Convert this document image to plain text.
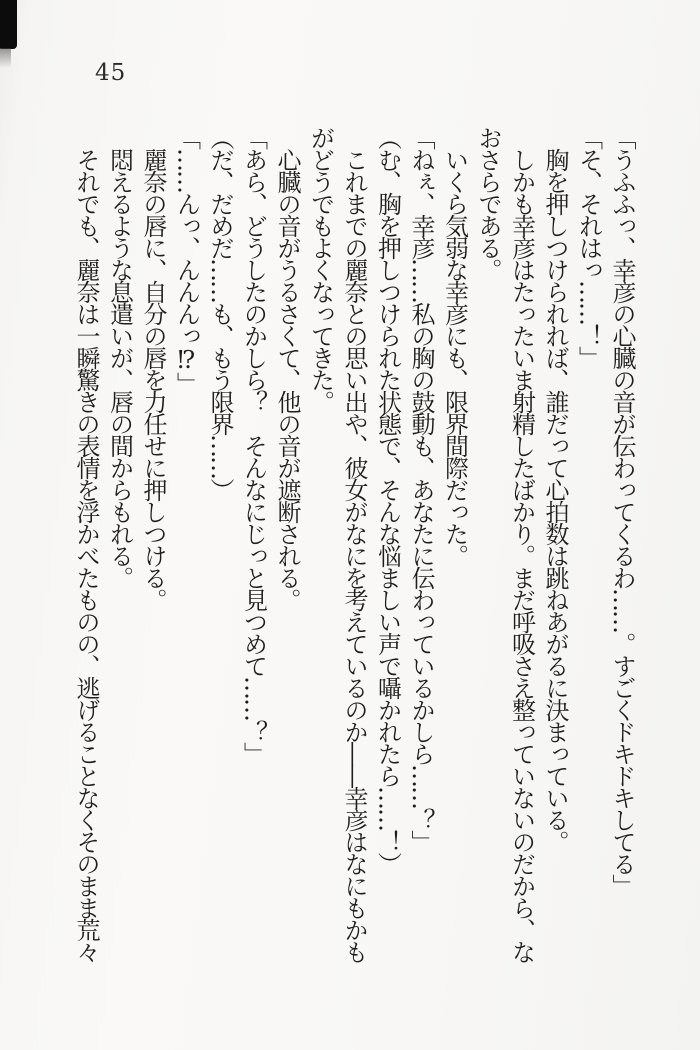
45

「うふふっ、幸彦の心臓の音が伝わってくるわ……。すごくドキドキしてる」

「そ、それはっ……！」

胸を押しつけられれば、誰だって心拍数は跳ねあがるに決まっている。

しかも幸彦はたったいま射精したばかり。まだ呼吸さえ整っていないのだから、な

おさらである。

いくら気弱な幸彦にも、限界間際だった。

「ねぇ、幸彦……私の胸の鼓動も、あなたに伝わっているかしら……？」

（む、胸を押しつけられた状態で、そんな悩ましい声で囁かれたら……！）

これまでの麗奈との思い出や、彼女がなにを考えているのか――幸彦はなにもかも

がどうでもよくなってきた。

心臓の音がうるさくて、他の音が遮断される。

「あら、どうしたのかしら？　そんなにじっと見つめて……？」

（だ、だめだ……も、もう限界……）

「……んっ、んんんっ⁉」

麗奈の唇に、自分の唇を力任せに押しつける。

悶えるような息遣いが、唇の間からもれる。

それでも、麗奈は一瞬驚きの表情を浮かべたものの、逃げることなくそのまま荒々
